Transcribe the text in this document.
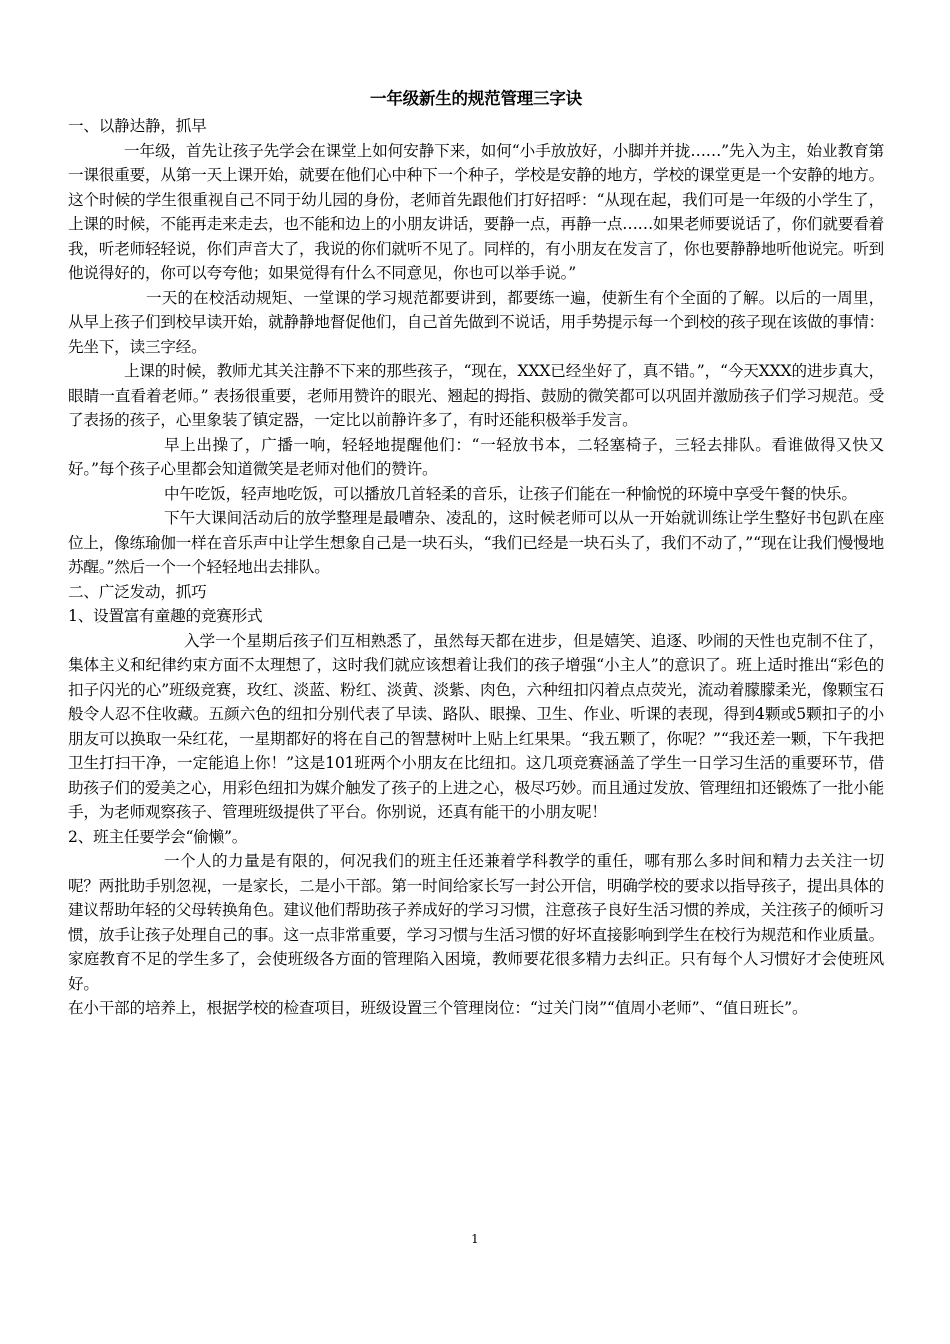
一年级新生的规范管理三字诀

一、以静达静，抓早

一年级，首先让孩子先学会在课堂上如何安静下来，如何“小手放放好，小脚并并拢……”先入为主，始业教育第一课很重要，从第一天上课开始，就要在他们心中种下一个种子，学校是安静的地方，学校的课堂更是一个安静的地方。这个时候的学生很重视自己不同于幼儿园的身份，老师首先跟他们打好招呼：“从现在起，我们可是一年级的小学生了，上课的时候，不能再走来走去，也不能和边上的小朋友讲话，要静一点，再静一点……如果老师要说话了，你们就要看着我，听老师轻轻说，你们声音大了，我说的你们就听不见了。同样的，有小朋友在发言了，你也要静静地听他说完。听到他说得好的，你可以夸夸他；如果觉得有什么不同意见，你也可以举手说。”

一天的在校活动规矩、一堂课的学习规范都要讲到，都要练一遍，使新生有个全面的了解。以后的一周里，从早上孩子们到校早读开始，就静静地督促他们，自己首先做到不说话，用手势提示每一个到校的孩子现在该做的事情：先坐下，读三字经。

上课的时候，教师尤其关注静不下来的那些孩子，“现在，XXX已经坐好了，真不错。”，“今天XXX的进步真大，眼睛一直看着老师。” 表扬很重要，老师用赞许的眼光、翘起的拇指、鼓励的微笑都可以巩固并激励孩子们学习规范。受了表扬的孩子，心里象装了镇定器，一定比以前静许多了，有时还能积极举手发言。

早上出操了，广播一响，轻轻地提醒他们：“一轻放书本，二轻塞椅子，三轻去排队。看谁做得又快又好。”每个孩子心里都会知道微笑是老师对他们的赞许。

中午吃饭，轻声地吃饭，可以播放几首轻柔的音乐，让孩子们能在一种愉悦的环境中享受午餐的快乐。

下午大课间活动后的放学整理是最嘈杂、凌乱的，这时候老师可以从一开始就训练让学生整好书包趴在座位上，像练瑜伽一样在音乐声中让学生想象自己是一块石头，“我们已经是一块石头了，我们不动了，”“现在让我们慢慢地苏醒。”然后一个一个轻轻地出去排队。

二、广泛发动，抓巧

1、设置富有童趣的竞赛形式

入学一个星期后孩子们互相熟悉了，虽然每天都在进步，但是嬉笑、追逐、吵闹的天性也克制不住了，集体主义和纪律约束方面不太理想了，这时我们就应该想着让我们的孩子增强“小主人”的意识了。班上适时推出“彩色的扣子闪光的心”班级竞赛，玫红、淡蓝、粉红、淡黄、淡紫、肉色，六种纽扣闪着点点荧光，流动着朦朦柔光，像颗宝石般令人忍不住收藏。五颜六色的纽扣分别代表了早读、路队、眼操、卫生、作业、听课的表现，得到4颗或5颗扣子的小朋友可以换取一朵红花，一星期都好的将在自己的智慧树叶上贴上红果果。“我五颗了，你呢？”“我还差一颗，下午我把卫生打扫干净，一定能追上你！”这是101班两个小朋友在比纽扣。这几项竞赛涵盖了学生一日学习生活的重要环节，借助孩子们的爱美之心，用彩色纽扣为媒介触发了孩子的上进之心，极尽巧妙。而且通过发放、管理纽扣还锻炼了一批小能手，为老师观察孩子、管理班级提供了平台。你别说，还真有能干的小朋友呢！

2、班主任要学会“偷懒”。

一个人的力量是有限的，何况我们的班主任还兼着学科教学的重任，哪有那么多时间和精力去关注一切呢？两批助手别忽视，一是家长，二是小干部。第一时间给家长写一封公开信，明确学校的要求以指导孩子，提出具体的建议帮助年轻的父母转换角色。建议他们帮助孩子养成好的学习习惯，注意孩子良好生活习惯的养成，关注孩子的倾听习惯，放手让孩子处理自己的事。这一点非常重要，学习习惯与生活习惯的好坏直接影响到学生在校行为规范和作业质量。家庭教育不足的学生多了，会使班级各方面的管理陷入困境，教师要花很多精力去纠正。只有每个人习惯好才会使班风好。

在小干部的培养上，根据学校的检查项目，班级设置三个管理岗位：“过关门岗”“值周小老师”、“值日班长”。

1
